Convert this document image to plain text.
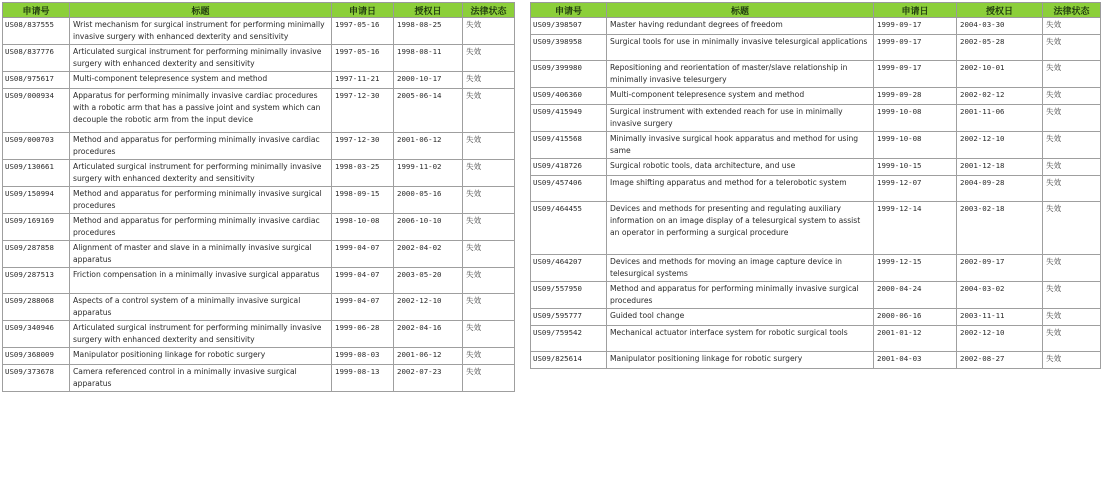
申请号	标题	申请日	授权日	法律状态
US08/837555	Wrist mechanism for surgical instrument for performing minimally invasive surgery with enhanced dexterity and sensitivity	1997-05-16	1998-08-25	失效
US08/837776	Articulated surgical instrument for performing minimally invasive surgery with enhanced dexterity and sensitivity	1997-05-16	1998-08-11	失效
US08/975617	Multi-component telepresence system and method	1997-11-21	2000-10-17	失效
US09/000934	Apparatus for performing minimally invasive cardiac procedures with a robotic arm that has a passive joint and system which can decouple the robotic arm from the input device	1997-12-30	2005-06-14	失效
US09/000703	Method and apparatus for performing minimally invasive cardiac procedures	1997-12-30	2001-06-12	失效
US09/130661	Articulated surgical instrument for performing minimally invasive surgery with enhanced dexterity and sensitivity	1998-03-25	1999-11-02	失效
US09/150994	Method and apparatus for performing minimally invasive surgical procedures	1998-09-15	2000-05-16	失效
US09/169169	Method and apparatus for performing minimally invasive cardiac procedures	1998-10-08	2006-10-10	失效
US09/287858	Alignment of master and slave in a minimally invasive surgical apparatus	1999-04-07	2002-04-02	失效
US09/287513	Friction compensation in a minimally invasive surgical apparatus	1999-04-07	2003-05-20	失效
US09/288068	Aspects of a control system of a minimally invasive surgical apparatus	1999-04-07	2002-12-10	失效
US09/340946	Articulated surgical instrument for performing minimally invasive surgery with enhanced dexterity and sensitivity	1999-06-28	2002-04-16	失效
US09/368009	Manipulator positioning linkage for robotic surgery	1999-08-03	2001-06-12	失效
US09/373678	Camera referenced control in a minimally invasive surgical apparatus	1999-08-13	2002-07-23	失效
申请号	标题	申请日	授权日	法律状态
US09/398507	Master having redundant degrees of freedom	1999-09-17	2004-03-30	失效
US09/398958	Surgical tools for use in minimally invasive telesurgical applications	1999-09-17	2002-05-28	失效
US09/399980	Repositioning and reorientation of master/slave relationship in minimally invasive telesurgery	1999-09-17	2002-10-01	失效
US09/406360	Multi-component telepresence system and method	1999-09-28	2002-02-12	失效
US09/415949	Surgical instrument with extended reach for use in minimally invasive surgery	1999-10-08	2001-11-06	失效
US09/415568	Minimally invasive surgical hook apparatus and method for using same	1999-10-08	2002-12-10	失效
US09/418726	Surgical robotic tools, data architecture, and use	1999-10-15	2001-12-18	失效
US09/457406	Image shifting apparatus and method for a telerobotic system	1999-12-07	2004-09-28	失效
US09/464455	Devices and methods for presenting and regulating auxiliary information on an image display of a telesurgical system to assist an operator in performing a surgical procedure	1999-12-14	2003-02-18	失效
US09/464207	Devices and methods for moving an image capture device in telesurgical systems	1999-12-15	2002-09-17	失效
US09/557950	Method and apparatus for performing minimally invasive surgical procedures	2000-04-24	2004-03-02	失效
US09/595777	Guided tool change	2000-06-16	2003-11-11	失效
US09/759542	Mechanical actuator interface system for robotic surgical tools	2001-01-12	2002-12-10	失效
US09/825614	Manipulator positioning linkage for robotic surgery	2001-04-03	2002-08-27	失效
